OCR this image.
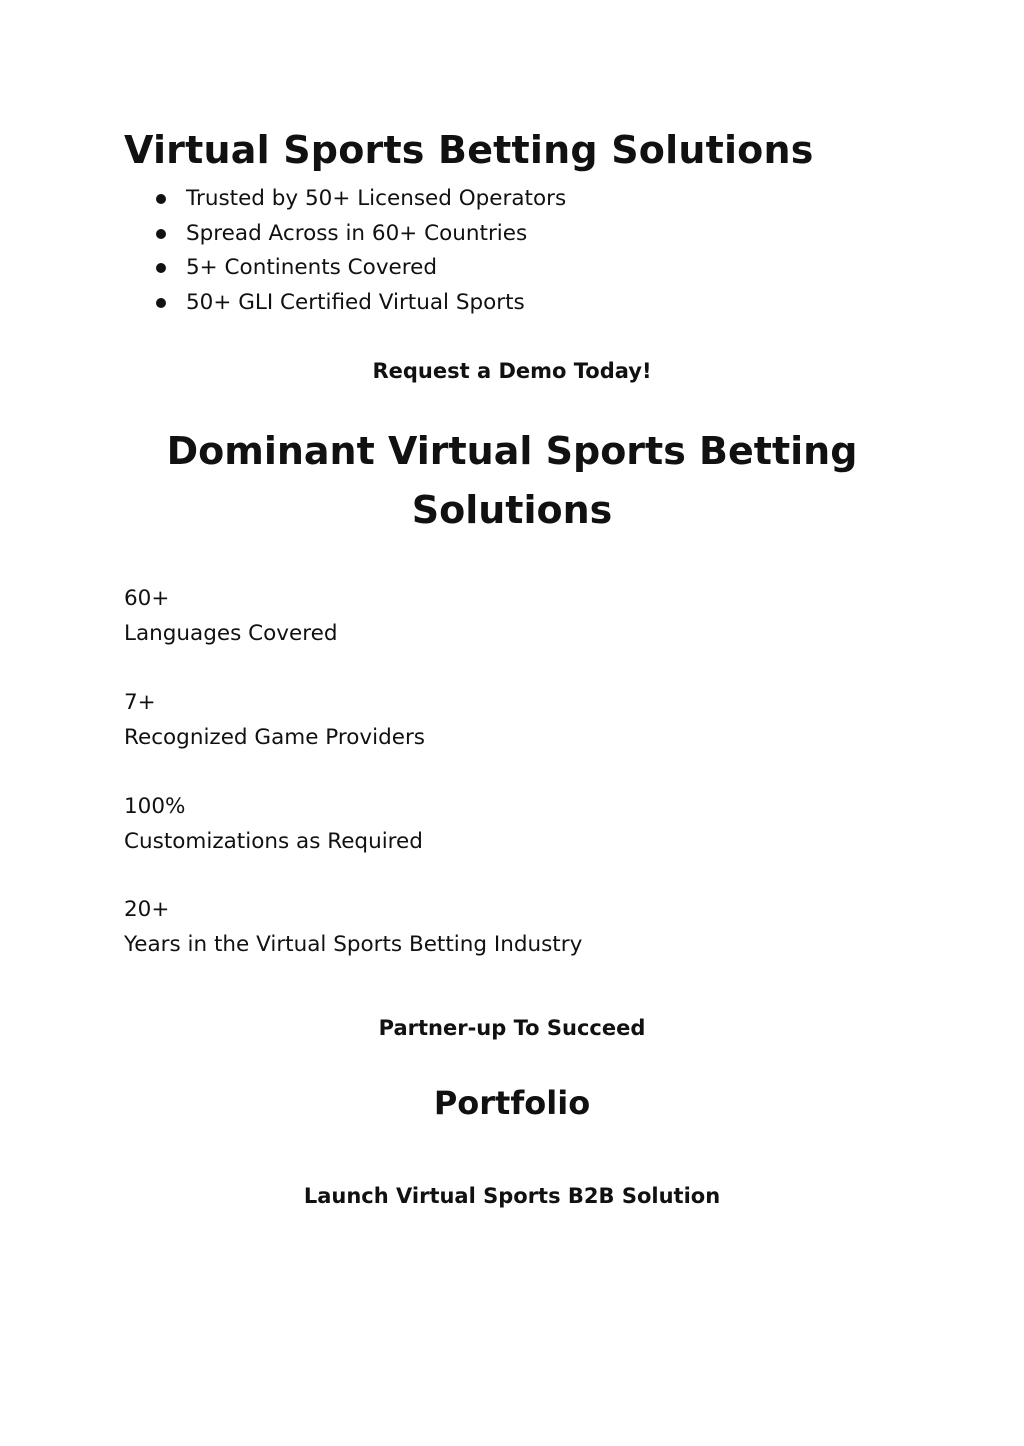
Virtual Sports Betting Solutions
Trusted by 50+ Licensed Operators
Spread Across in 60+ Countries
5+ Continents Covered
50+ GLI Certified Virtual Sports

Request a Demo Today!

Dominant Virtual Sports Betting
Solutions
60+
Languages Covered
7+
Recognized Game Providers
100%
Customizations as Required
20+
Years in the Virtual Sports Betting Industry

Partner-up To Succeed

Portfolio

Launch Virtual Sports B2B Solution
